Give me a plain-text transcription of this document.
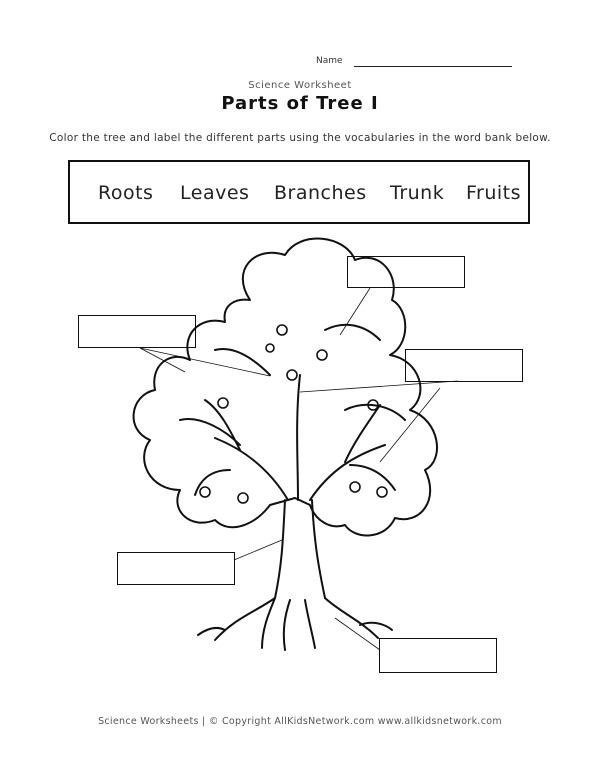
Name
Science Worksheet
Parts of Tree I
Color the tree and label the different parts using the vocabularies in the word bank below.
Roots Leaves Branches Trunk Fruits
Science Worksheets | © Copyright AllKidsNetwork.com www.allkidsnetwork.com
